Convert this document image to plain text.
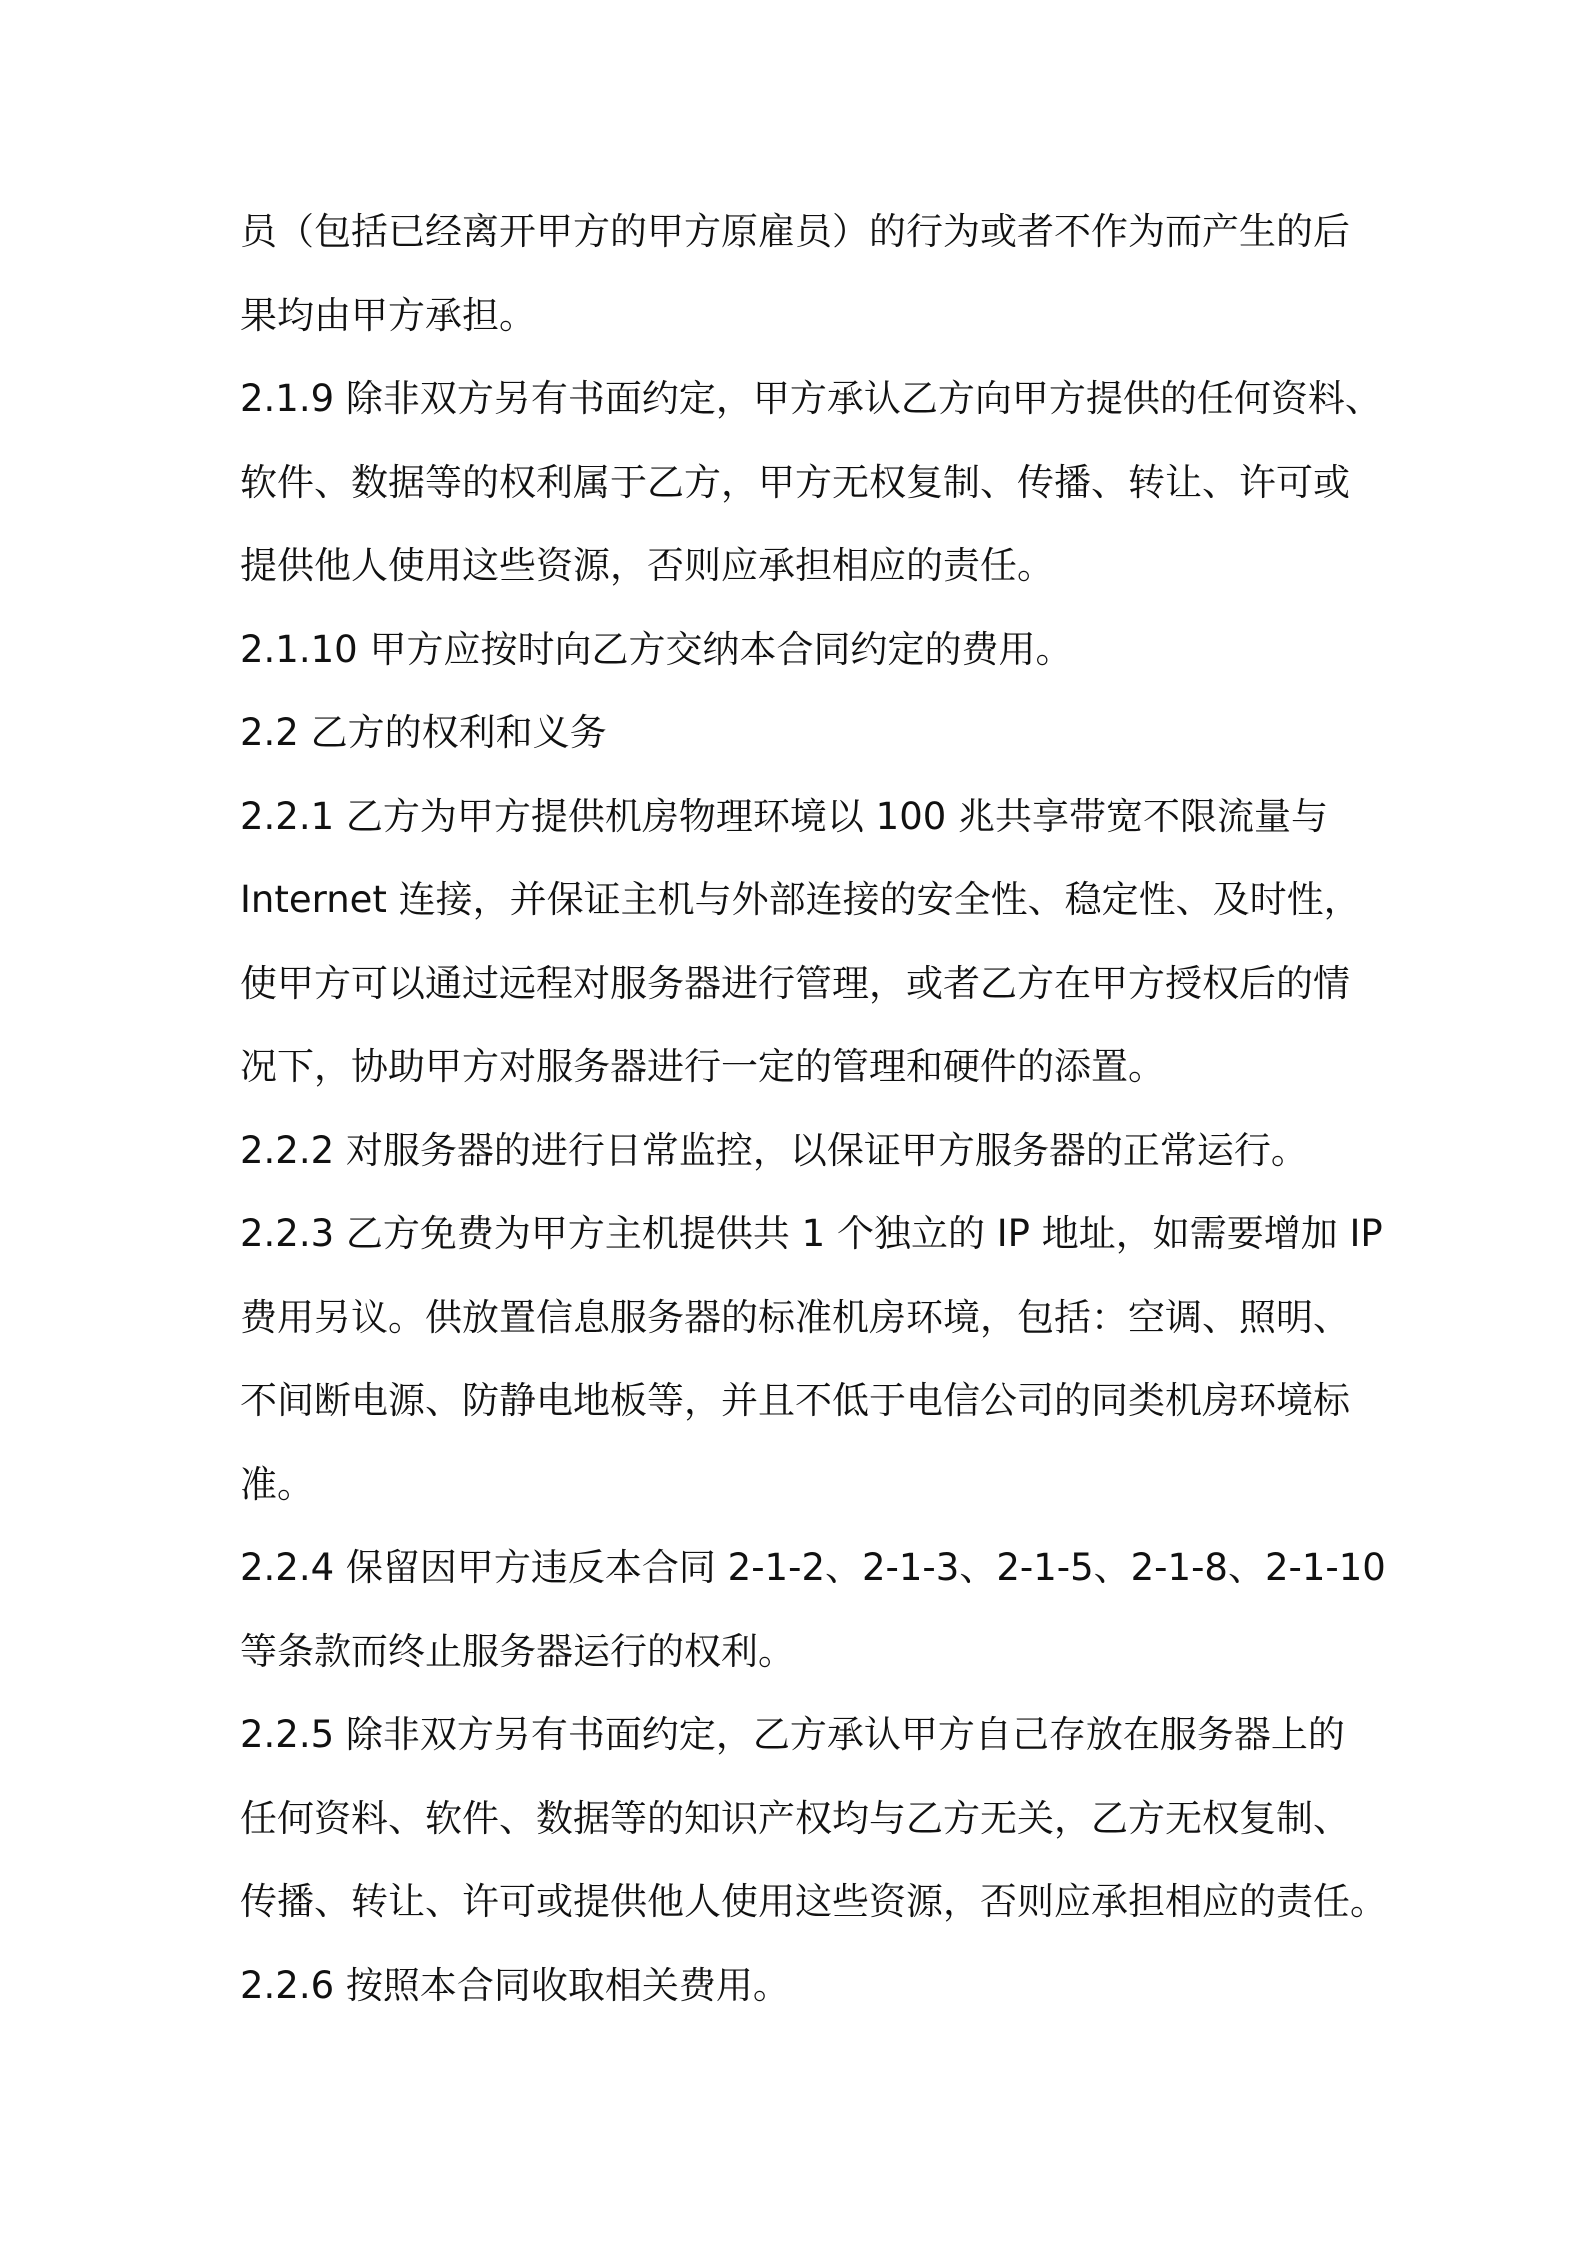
员（包括已经离开甲方的甲方原雇员）的行为或者不作为而产生的后
果均由甲方承担。
2.1.9 除非双方另有书面约定，甲方承认乙方向甲方提供的任何资料、
软件、数据等的权利属于乙方，甲方无权复制、传播、转让、许可或
提供他人使用这些资源，否则应承担相应的责任。
2.1.10 甲方应按时向乙方交纳本合同约定的费用。
2.2 乙方的权利和义务
2.2.1 乙方为甲方提供机房物理环境以 100 兆共享带宽不限流量与
Internet 连接，并保证主机与外部连接的安全性、稳定性、及时性，
使甲方可以通过远程对服务器进行管理，或者乙方在甲方授权后的情
况下，协助甲方对服务器进行一定的管理和硬件的添置。
2.2.2 对服务器的进行日常监控，以保证甲方服务器的正常运行。
2.2.3 乙方免费为甲方主机提供共 1 个独立的 IP 地址，如需要增加 IP
费用另议。供放置信息服务器的标准机房环境，包括：空调、照明、
不间断电源、防静电地板等，并且不低于电信公司的同类机房环境标
准。
2.2.4 保留因甲方违反本合同 2-1-2、2-1-3、2-1-5、2-1-8、2-1-10
等条款而终止服务器运行的权利。
2.2.5 除非双方另有书面约定，乙方承认甲方自己存放在服务器上的
任何资料、软件、数据等的知识产权均与乙方无关，乙方无权复制、
传播、转让、许可或提供他人使用这些资源，否则应承担相应的责任。
2.2.6 按照本合同收取相关费用。
